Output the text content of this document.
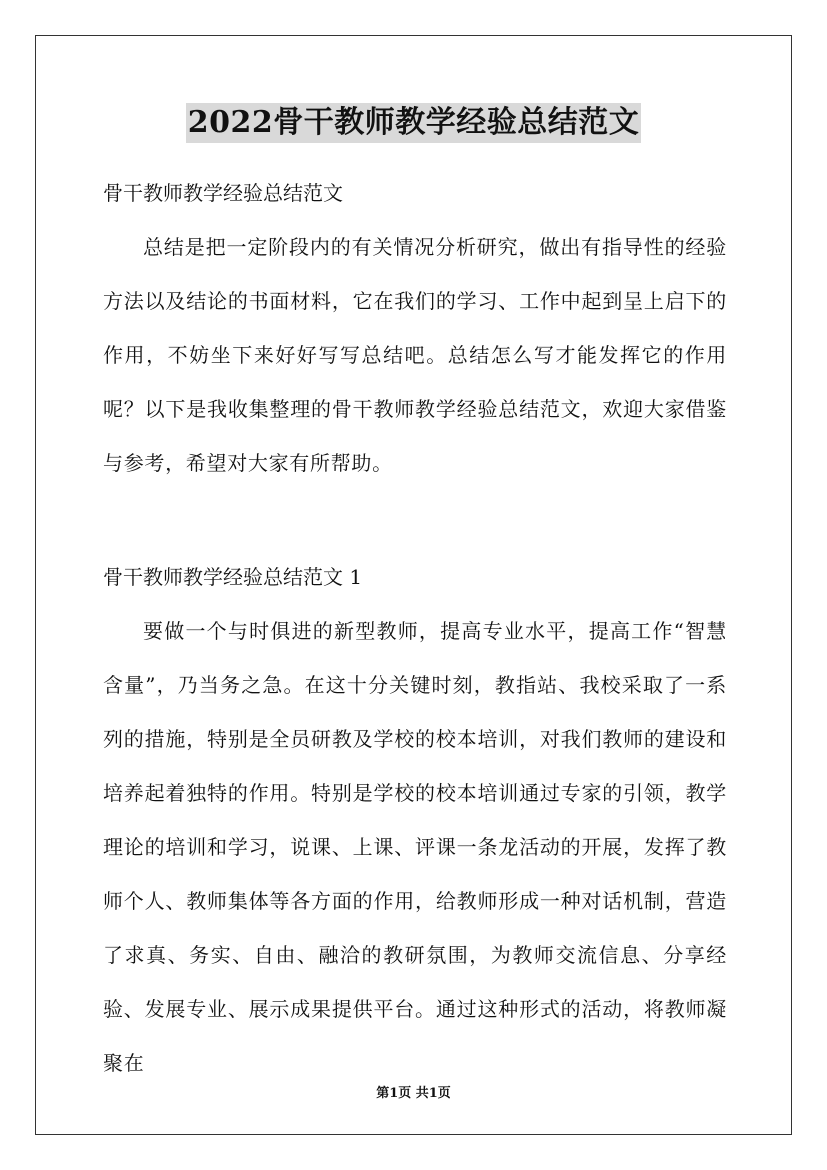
2022骨干教师教学经验总结范文

骨干教师教学经验总结范文

总结是把一定阶段内的有关情况分析研究，做出有指导性的经验方法以及结论的书面材料，它在我们的学习、工作中起到呈上启下的作用，不妨坐下来好好写写总结吧。总结怎么写才能发挥它的作用呢？以下是我收集整理的骨干教师教学经验总结范文，欢迎大家借鉴与参考，希望对大家有所帮助。

骨干教师教学经验总结范文 1

要做一个与时俱进的新型教师，提高专业水平，提高工作“智慧含量”，乃当务之急。在这十分关键时刻，教指站、我校采取了一系列的措施，特别是全员研教及学校的校本培训，对我们教师的建设和培养起着独特的作用。特别是学校的校本培训通过专家的引领，教学理论的培训和学习，说课、上课、评课一条龙活动的开展，发挥了教师个人、教师集体等各方面的作用，给教师形成一种对话机制，营造了求真、务实、自由、融洽的教研氛围，为教师交流信息、分享经验、发展专业、展示成果提供平台。通过这种形式的活动，将教师凝聚在

第1页 共1页
